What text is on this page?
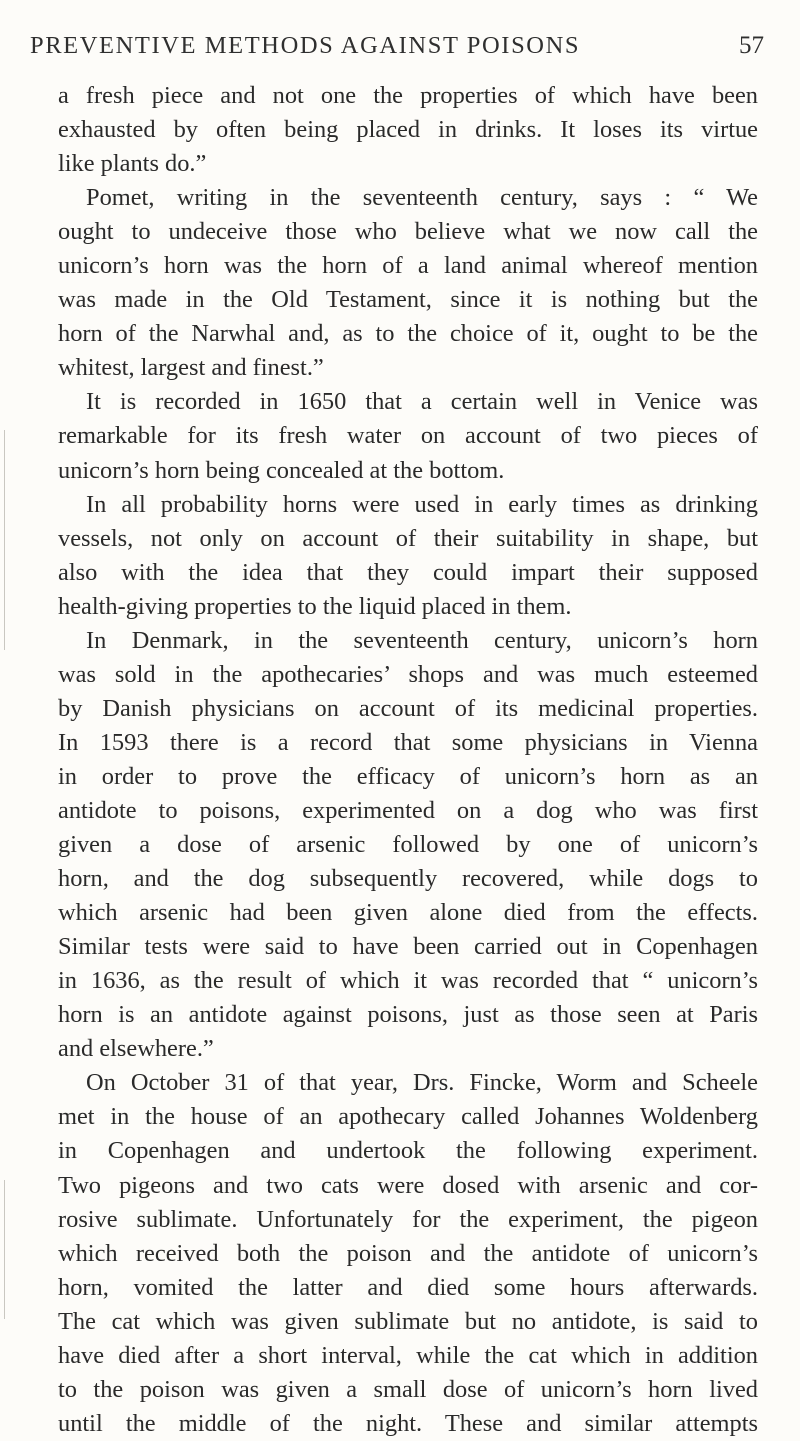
PREVENTIVE METHODS AGAINST POISONS	57
a fresh piece and not one the properties of which have been
exhausted by often being placed in drinks. It loses its virtue
like plants do.”
Pomet, writing in the seventeenth century, says : “ We
ought to undeceive those who believe what we now call the
unicorn’s horn was the horn of a land animal whereof mention
was made in the Old Testament, since it is nothing but the
horn of the Narwhal and, as to the choice of it, ought to be the
whitest, largest and finest.”
It is recorded in 1650 that a certain well in Venice was
remarkable for its fresh water on account of two pieces of
unicorn’s horn being concealed at the bottom.
In all probability horns were used in early times as drinking
vessels, not only on account of their suitability in shape, but
also with the idea that they could impart their supposed
health-giving properties to the liquid placed in them.
In Denmark, in the seventeenth century, unicorn’s horn
was sold in the apothecaries’ shops and was much esteemed
by Danish physicians on account of its medicinal properties.
In 1593 there is a record that some physicians in Vienna
in order to prove the efficacy of unicorn’s horn as an
antidote to poisons, experimented on a dog who was first
given a dose of arsenic followed by one of unicorn’s
horn, and the dog subsequently recovered, while dogs to
which arsenic had been given alone died from the effects.
Similar tests were said to have been carried out in Copenhagen
in 1636, as the result of which it was recorded that “ unicorn’s
horn is an antidote against poisons, just as those seen at Paris
and elsewhere.”
On October 31 of that year, Drs. Fincke, Worm and Scheele
met in the house of an apothecary called Johannes Woldenberg
in Copenhagen and undertook the following experiment.
Two pigeons and two cats were dosed with arsenic and cor-
rosive sublimate. Unfortunately for the experiment, the pigeon
which received both the poison and the antidote of unicorn’s
horn, vomited the latter and died some hours afterwards.
The cat which was given sublimate but no antidote, is said to
have died after a short interval, while the cat which in addition
to the poison was given a small dose of unicorn’s horn lived
until the middle of the night. These and similar attempts
